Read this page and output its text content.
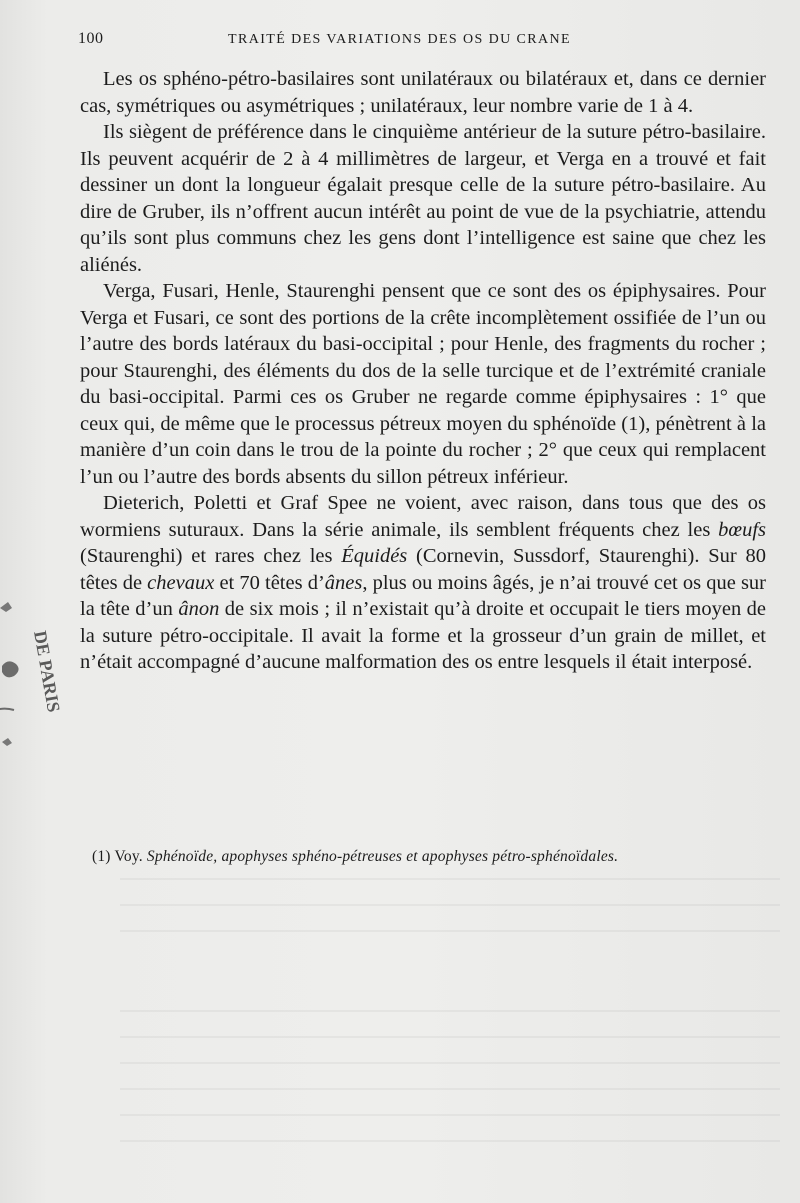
100	TRAITÉ DES VARIATIONS DES OS DU CRANE

Les os sphéno-pétro-basilaires sont unilatéraux ou bilatéraux et, dans ce dernier cas, symétriques ou asymétriques ; unilatéraux, leur nombre varie de 1 à 4.

Ils siègent de préférence dans le cinquième antérieur de la suture pétro-basilaire. Ils peuvent acquérir de 2 à 4 millimètres de largeur, et Verga en a trouvé et fait dessiner un dont la longueur égalait presque celle de la suture pétro-basilaire. Au dire de Gruber, ils n’offrent aucun intérêt au point de vue de la psychiatrie, attendu qu’ils sont plus communs chez les gens dont l’intelligence est saine que chez les aliénés.

Verga, Fusari, Henle, Staurenghi pensent que ce sont des os épiphysaires. Pour Verga et Fusari, ce sont des portions de la crête incomplètement ossifiée de l’un ou l’autre des bords latéraux du basi-occipital ; pour Henle, des fragments du rocher ; pour Staurenghi, des éléments du dos de la selle turcique et de l’extrémité craniale du basi-occipital. Parmi ces os Gruber ne regarde comme épiphysaires : 1° que ceux qui, de même que le processus pétreux moyen du sphénoïde (1), pénètrent à la manière d’un coin dans le trou de la pointe du rocher ; 2° que ceux qui remplacent l’un ou l’autre des bords absents du sillon pétreux inférieur.

Dieterich, Poletti et Graf Spee ne voient, avec raison, dans tous que des os wormiens suturaux. Dans la série animale, ils semblent fréquents chez les bœufs (Staurenghi) et rares chez les Équidés (Cornevin, Sussdorf, Staurenghi). Sur 80 têtes de chevaux et 70 têtes d’ânes, plus ou moins âgés, je n’ai trouvé cet os que sur la tête d’un ânon de six mois ; il n’existait qu’à droite et occupait le tiers moyen de la suture pétro-occipitale. Il avait la forme et la grosseur d’un grain de millet, et n’était accompagné d’aucune malformation des os entre lesquels il était interposé.

(1) Voy. Sphénoïde, apophyses sphéno-pétreuses et apophyses pétro-sphénoïdales.
DE PARIS
